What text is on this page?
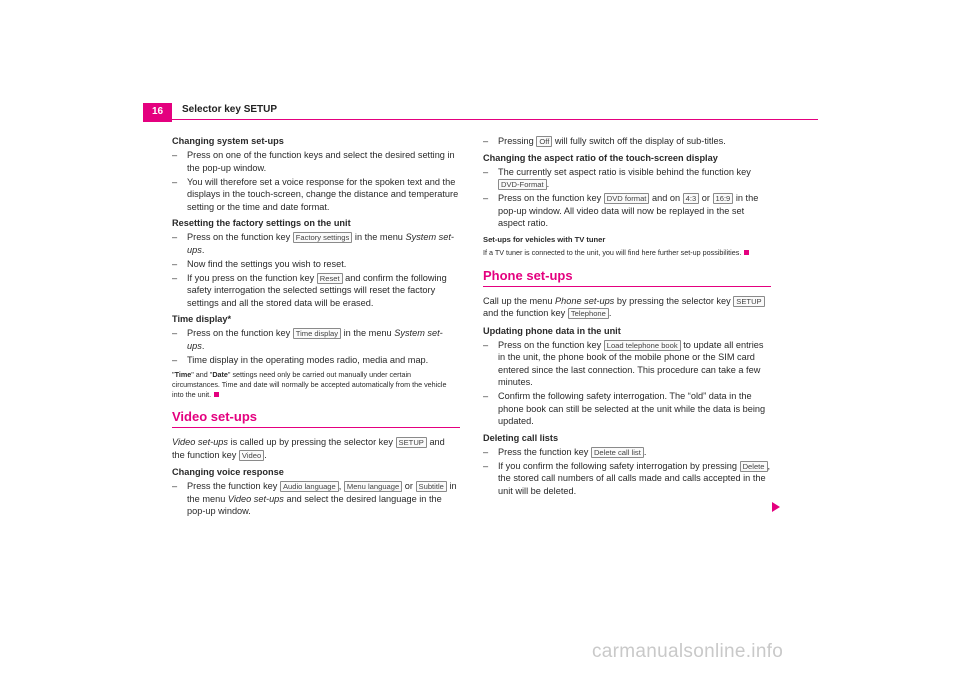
16	Selector key SETUP
Changing system set-ups
– Press on one of the function keys and select the desired setting in the pop-up window.
– You will therefore set a voice response for the spoken text and the displays in the touch-screen, change the distance and temperature setting or the time and date format.
Resetting the factory settings on the unit
– Press on the function key Factory settings in the menu System set-ups.
– Now find the settings you wish to reset.
– If you press on the function key Reset and confirm the following safety interrogation the selected settings will reset the factory settings and all the stored data will be erased.
Time display*
– Press on the function key Time display in the menu System set-ups.
– Time display in the operating modes radio, media and map.
"Time" and "Date" settings need only be carried out manually under certain circumstances. Time and date will normally be accepted automatically from the vehicle into the unit.
Video set-ups
Video set-ups is called up by pressing the selector key SETUP and the function key Video .
Changing voice response
– Press the function key Audio language , Menu language or Subtitle in the menu Video set-ups and select the desired language in the pop-up window.
– Pressing Off will fully switch off the display of sub-titles.
Changing the aspect ratio of the touch-screen display
– The currently set aspect ratio is visible behind the function key
DVD-Format .
– Press on the function key DVD format and on 4:3 or 16:9 in the pop-up window. All video data will now be replayed in the set aspect ratio.
Set-ups for vehicles with TV tuner
If a TV tuner is connected to the unit, you will find here further set-up possibilities.
Phone set-ups
Call up the menu Phone set-ups by pressing the selector key SETUP and the function key Telephone .
Updating phone data in the unit
– Press on the function key Load telephone book to update all entries in the unit, the phone book of the mobile phone or the SIM card entered since the last connection. This procedure can take a few minutes.
– Confirm the following safety interrogation. The “old” data in the phone book can still be selected at the unit while the data is being updated.
Deleting call lists
– Press the function key Delete call list .
– If you confirm the following safety interrogation by pressing Delete , the stored call numbers of all calls made and calls accepted in the unit will be deleted.
carmanualsonline.info
